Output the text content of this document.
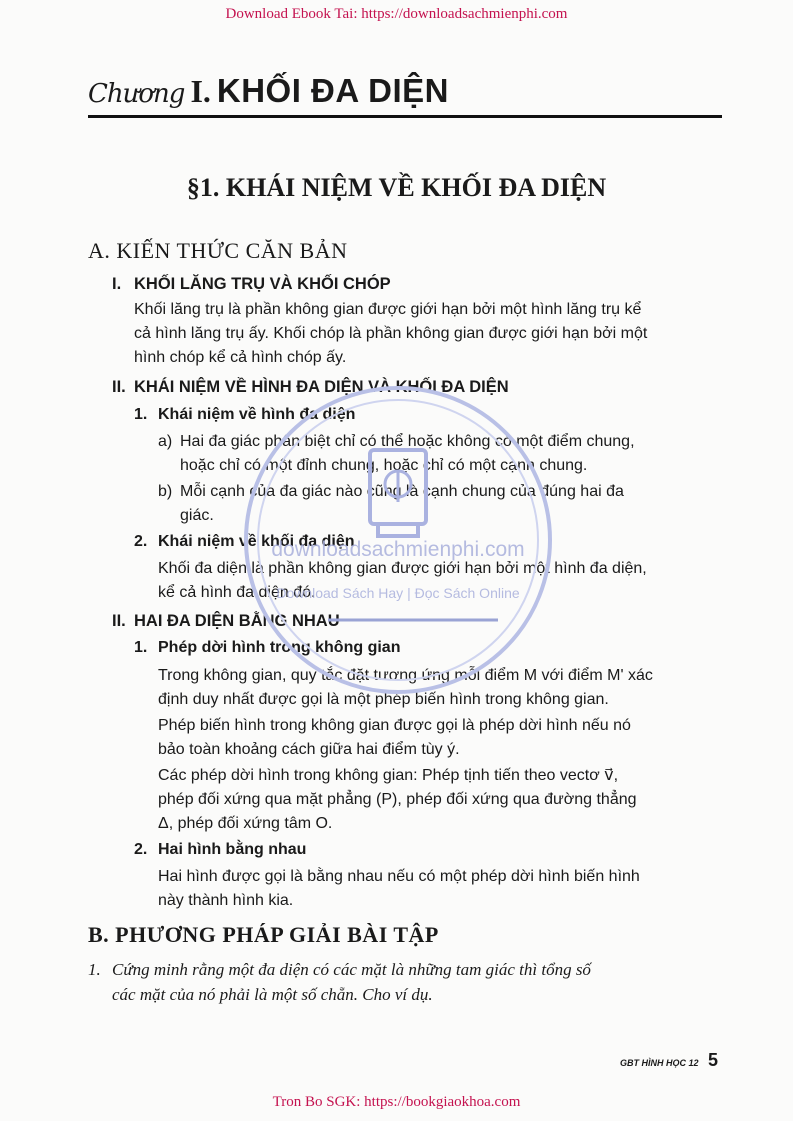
Download Ebook Tai: https://downloadsachmienphi.com
Chương I. KHỐI ĐA DIỆN
§1. KHÁI NIỆM VỀ KHỐI ĐA DIỆN
A. KIẾN THỨC CĂN BẢN
I. KHỐI LĂNG TRỤ VÀ KHỐI CHÓP
Khối lăng trụ là phần không gian được giới hạn bởi một hình lăng trụ kể
cả hình lăng trụ ấy. Khối chóp là phần không gian được giới hạn bởi một
hình chóp kể cả hình chóp ấy.
II. KHÁI NIỆM VỀ HÌNH ĐA DIỆN VÀ KHỐI ĐA DIỆN
1. Khái niệm về hình đa diện
a) Hai đa giác phân biệt chỉ có thể hoặc không có một điểm chung,
hoặc chỉ có một đỉnh chung, hoặc chỉ có một cạnh chung.
b) Mỗi cạnh của đa giác nào cũng là cạnh chung của đúng hai đa
giác.
2. Khái niệm về khối đa diện
Khối đa diện là phần không gian được giới hạn bởi một hình đa diện,
kể cả hình đa diện đó.
II. HAI ĐA DIỆN BẰNG NHAU
1. Phép dời hình trong không gian
Trong không gian, quy tắc đặt tương ứng mỗi điểm M với điểm M' xác
định duy nhất được gọi là một phép biến hình trong không gian.
Phép biến hình trong không gian được gọi là phép dời hình nếu nó
bảo toàn khoảng cách giữa hai điểm tùy ý.
Các phép dời hình trong không gian: Phép tịnh tiến theo vectơ v⃗,
phép đối xứng qua mặt phẳng (P), phép đối xứng qua đường thẳng
Δ, phép đối xứng tâm O.
2. Hai hình bằng nhau
Hai hình được gọi là bằng nhau nếu có một phép dời hình biến hình
này thành hình kia.
B. PHƯƠNG PHÁP GIẢI BÀI TẬP
1. Cứng minh rằng một đa diện có các mặt là những tam giác thì tổng số
các mặt của nó phải là một số chẵn. Cho ví dụ.
downloadsachmienphi.com
Download Sách Hay | Đọc Sách Online
GBT HÌNH HỌC 12 5
Tron Bo SGK: https://bookgiaokhoa.com
